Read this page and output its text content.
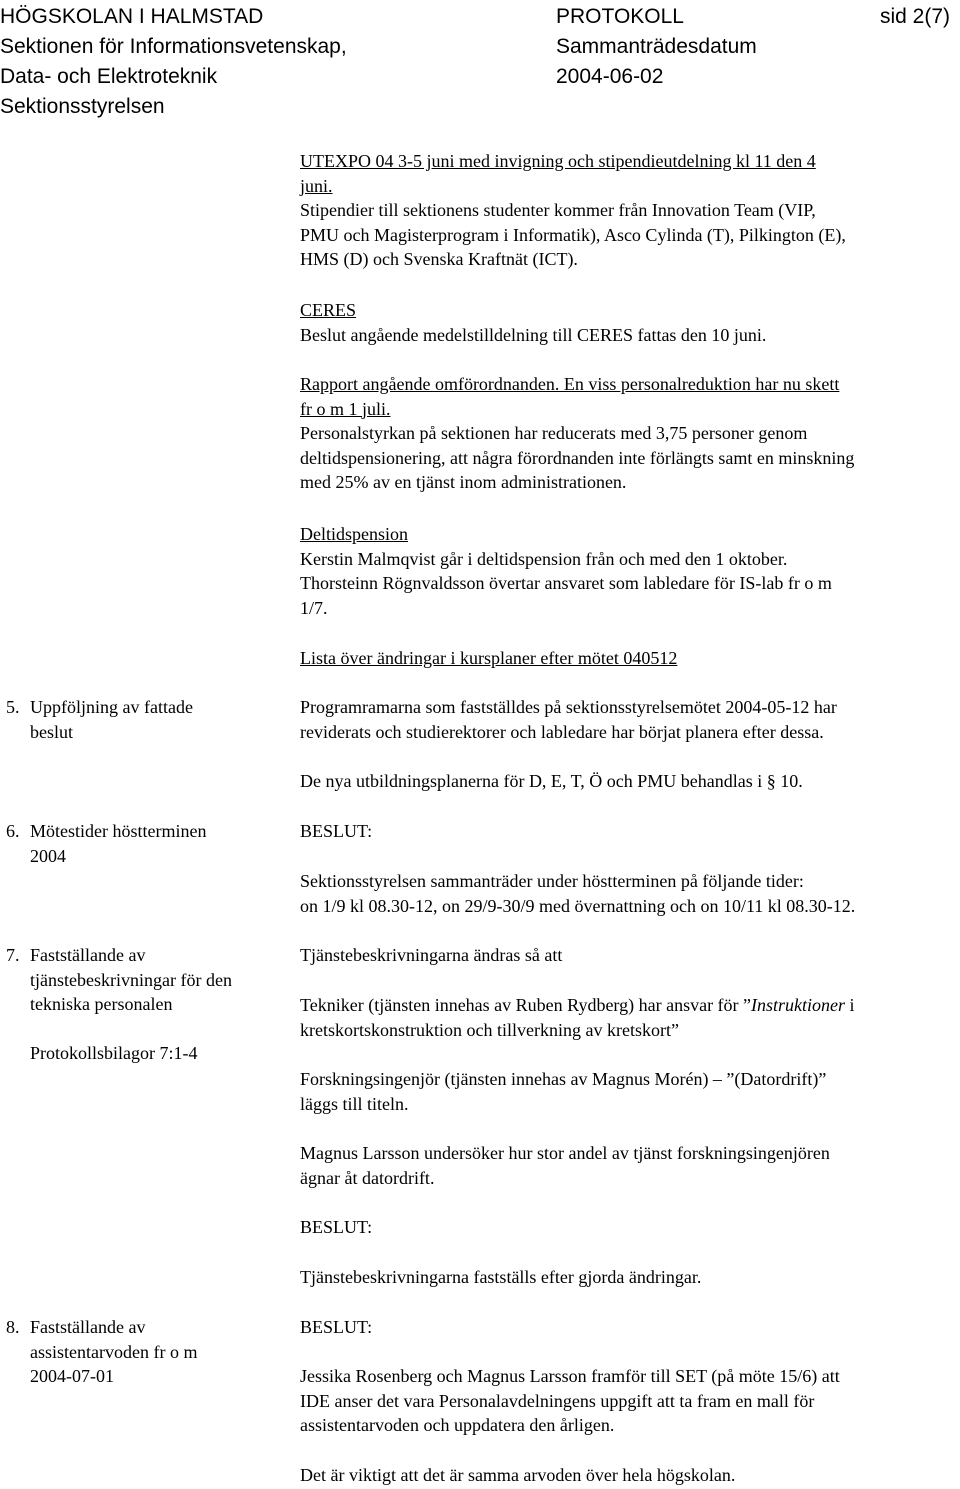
HÖGSKOLAN I HALMSTAD
Sektionen för Informationsvetenskap,
Data- och Elektroteknik
Sektionsstyrelsen
PROTOKOLL
Sammanträdesdatum
2004-06-02
sid 2(7)
UTEXPO 04 3-5 juni med invigning och stipendieutdelning kl 11 den 4
juni.
Stipendier till sektionens studenter kommer från Innovation Team (VIP,
PMU och Magisterprogram i Informatik), Asco Cylinda (T), Pilkington (E),
HMS (D) och Svenska Kraftnät (ICT).
CERES
Beslut angående medelstilldelning till CERES fattas den 10 juni.
Rapport angående omförordnanden. En viss personalreduktion har nu skett
fr o m 1 juli.
Personalstyrkan på sektionen har reducerats med 3,75 personer genom
deltidspensionering, att några förordnanden inte förlängts samt en minskning
med 25% av en tjänst inom administrationen.
Deltidspension
Kerstin Malmqvist går i deltidspension från och med den 1 oktober.
Thorsteinn Rögnvaldsson övertar ansvaret som labledare för IS-lab fr o m
1/7.
Lista över ändringar i kursplaner efter mötet 040512
5. Uppföljning av fattade
beslut
Programramarna som fastställdes på sektionsstyrelsemötet 2004-05-12 har
reviderats och studierektorer och labledare har börjat planera efter dessa.
De nya utbildningsplanerna för D, E, T, Ö och PMU behandlas i § 10.
6. Mötestider höstterminen
2004
BESLUT:
Sektionsstyrelsen sammanträder under höstterminen på följande tider:
on 1/9 kl 08.30-12, on 29/9-30/9 med övernattning och on 10/11 kl 08.30-12.
7. Fastställande av
tjänstebeskrivningar för den
tekniska personalen
Protokollsbilagor 7:1-4
Tjänstebeskrivningarna ändras så att
Tekniker (tjänsten innehas av Ruben Rydberg) har ansvar för ”Instruktioner i
kretskortskonstruktion och tillverkning av kretskort”
Forskningsingenjör (tjänsten innehas av Magnus Morén) – ”(Datordrift)”
läggs till titeln.
Magnus Larsson undersöker hur stor andel av tjänst forskningsingenjören
ägnar åt datordrift.
BESLUT:
Tjänstebeskrivningarna fastställs efter gjorda ändringar.
8. Fastställande av
assistentarvoden fr o m
2004-07-01
BESLUT:
Jessika Rosenberg och Magnus Larsson framför till SET (på möte 15/6) att
IDE anser det vara Personalavdelningens uppgift att ta fram en mall för
assistentarvoden och uppdatera den årligen.
Det är viktigt att det är samma arvoden över hela högskolan.
